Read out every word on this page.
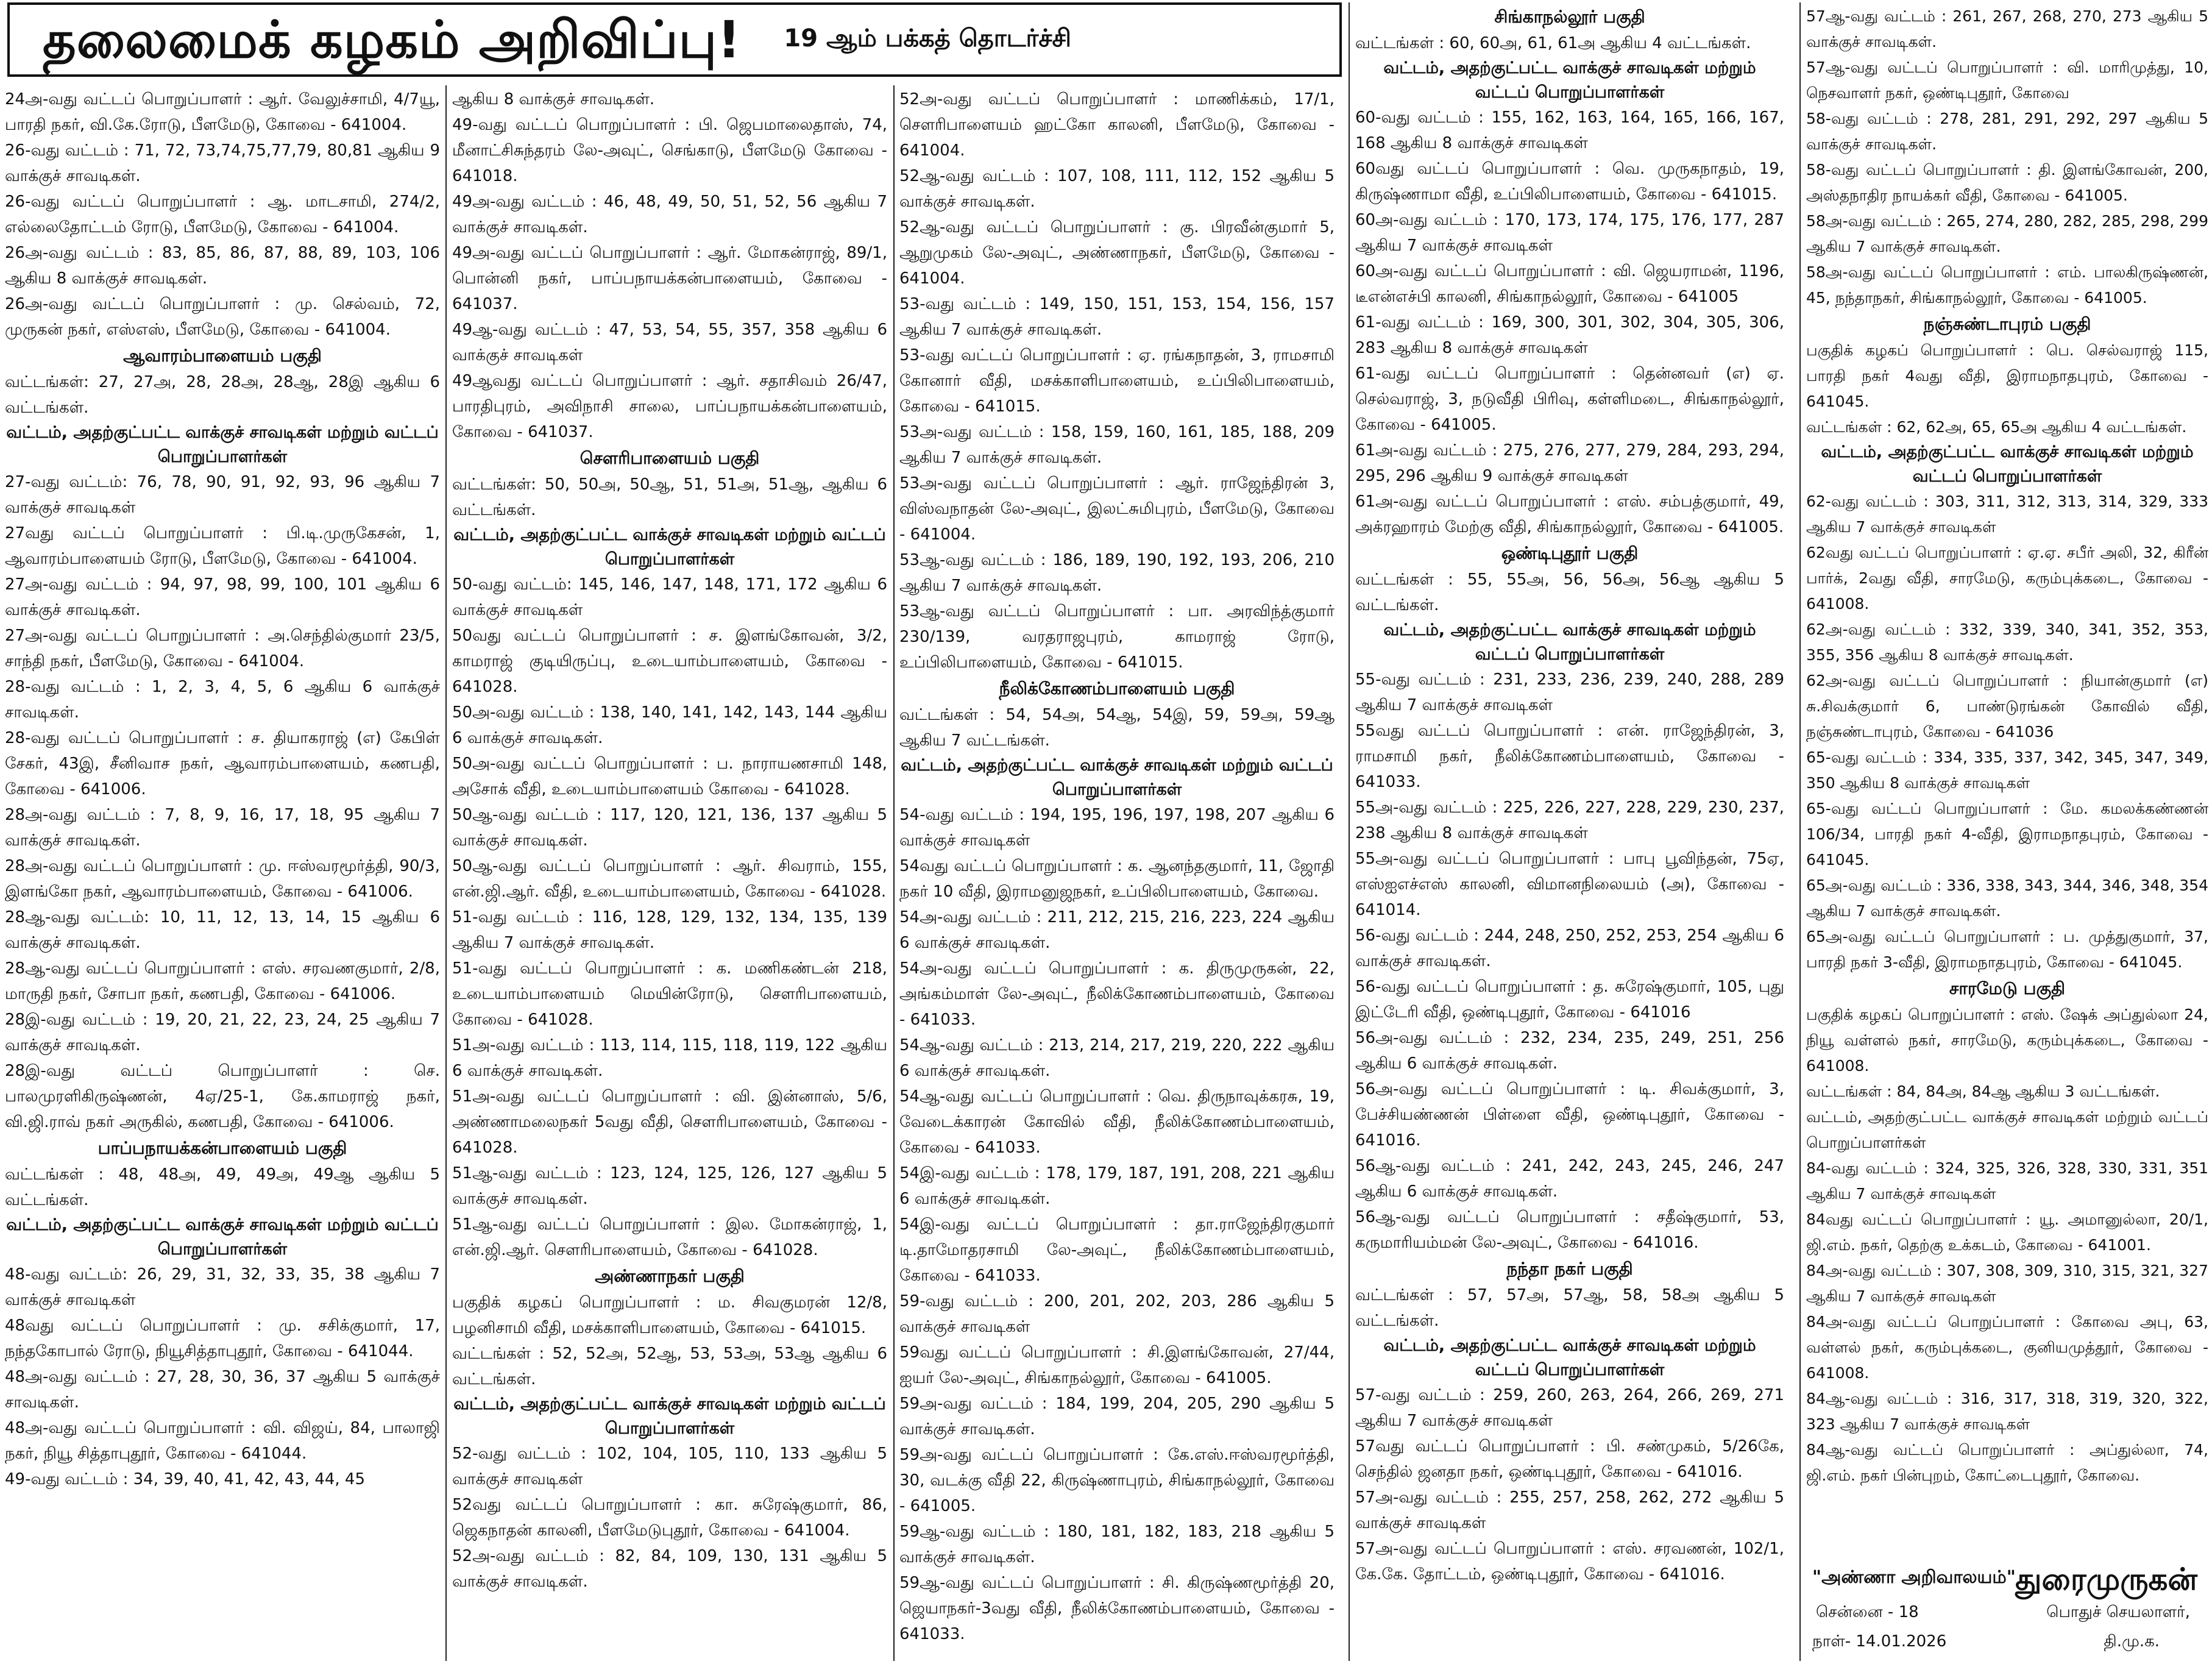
தலைமைக் கழகம் அறிவிப்பு! 19 ஆம் பக்கத் தொடர்ச்சி

24அ-வது வட்டப் பொறுப்பாளர் : ஆர். வேலுச்சாமி, 4/7யூ, பாரதி நகர், வி.கே.ரோடு, பீளமேடு, கோவை - 641004.

26-வது வட்டம் : 71, 72, 73,74,75,77,79, 80,81 ஆகிய 9 வாக்குச் சாவடிகள்.

26-வது வட்டப் பொறுப்பாளர் : ஆ. மாடசாமி, 274/2, எல்லைதோட்டம் ரோடு, பீளமேடு, கோவை - 641004.

26அ-வது வட்டம் : 83, 85, 86, 87, 88, 89, 103, 106 ஆகிய 8 வாக்குச் சாவடிகள்.

26அ-வது வட்டப் பொறுப்பாளர் : மு. செல்வம், 72, முருகன் நகர், எஸ்எஸ், பீளமேடு, கோவை - 641004.

ஆவாரம்பாளையம் பகுதி

வட்டங்கள்: 27, 27அ, 28, 28அ, 28ஆ, 28இ ஆகிய 6 வட்டங்கள்.

வட்டம், அதற்குட்பட்ட வாக்குச் சாவடிகள் மற்றும் வட்டப் பொறுப்பாளர்கள்

27-வது வட்டம்: 76, 78, 90, 91, 92, 93, 96 ஆகிய 7 வாக்குச் சாவடிகள்

27வது வட்டப் பொறுப்பாளர் : பி.டி.முருகேசன், 1, ஆவாரம்பாளையம் ரோடு, பீளமேடு, கோவை - 641004.

27அ-வது வட்டம் : 94, 97, 98, 99, 100, 101 ஆகிய 6 வாக்குச் சாவடிகள்.

27அ-வது வட்டப் பொறுப்பாளர் : அ.செந்தில்குமார் 23/5, சாந்தி நகர், பீளமேடு, கோவை - 641004.

28-வது வட்டம் : 1, 2, 3, 4, 5, 6 ஆகிய 6 வாக்குச் சாவடிகள்.

28-வது வட்டப் பொறுப்பாளர் : ச. தியாகராஜ் (எ) கேபிள் சேகர், 43இ, சீனிவாச நகர், ஆவாரம்பாளையம், கணபதி, கோவை - 641006.

28அ-வது வட்டம் : 7, 8, 9, 16, 17, 18, 95 ஆகிய 7 வாக்குச் சாவடிகள்.

28அ-வது வட்டப் பொறுப்பாளர் : மு. ஈஸ்வரமூர்த்தி, 90/3, இளங்கோ நகர், ஆவாரம்பாளையம், கோவை - 641006.

28ஆ-வது வட்டம்: 10, 11, 12, 13, 14, 15 ஆகிய 6 வாக்குச் சாவடிகள்.

28ஆ-வது வட்டப் பொறுப்பாளர் : எஸ். சரவணகுமார், 2/8, மாருதி நகர், சோபா நகர், கணபதி, கோவை - 641006.

28இ-வது வட்டம் : 19, 20, 21, 22, 23, 24, 25 ஆகிய 7 வாக்குச் சாவடிகள்.

28இ-வது வட்டப் பொறுப்பாளர் : செ. பாலமுரளிகிருஷ்ணன், 4ஏ/25-1, கே.காமராஜ் நகர், வி.ஜி.ராவ் நகர் அருகில், கணபதி, கோவை - 641006.

பாப்பநாயக்கன்பாளையம் பகுதி

வட்டங்கள் : 48, 48அ, 49, 49அ, 49ஆ ஆகிய 5 வட்டங்கள்.

வட்டம், அதற்குட்பட்ட வாக்குச் சாவடிகள் மற்றும் வட்டப் பொறுப்பாளர்கள்

48-வது வட்டம்: 26, 29, 31, 32, 33, 35, 38 ஆகிய 7 வாக்குச் சாவடிகள்

48வது வட்டப் பொறுப்பாளர் : மு. சசிக்குமார், 17, நந்தகோபால் ரோடு, நியூசித்தாபுதூர், கோவை - 641044.

48அ-வது வட்டம் : 27, 28, 30, 36, 37 ஆகிய 5 வாக்குச் சாவடிகள்.

48அ-வது வட்டப் பொறுப்பாளர் : வி. விஜய், 84, பாலாஜி நகர், நியூ சித்தாபுதூர், கோவை - 641044.

49-வது வட்டம் : 34, 39, 40, 41, 42, 43, 44, 45

ஆகிய 8 வாக்குச் சாவடிகள்.

49-வது வட்டப் பொறுப்பாளர் : பி. ஜெபமாலைதாஸ், 74, மீனாட்சிசுந்தரம் லே-அவுட், செங்காடு, பீளமேடு கோவை - 641018.

49அ-வது வட்டம் : 46, 48, 49, 50, 51, 52, 56 ஆகிய 7 வாக்குச் சாவடிகள்.

49அ-வது வட்டப் பொறுப்பாளர் : ஆர். மோகன்ராஜ், 89/1, பொன்னி நகர், பாப்பநாயக்கன்பாளையம், கோவை - 641037.

49ஆ-வது வட்டம் : 47, 53, 54, 55, 357, 358 ஆகிய 6 வாக்குச் சாவடிகள்

49ஆவது வட்டப் பொறுப்பாளர் : ஆர். சதாசிவம் 26/47, பாரதிபுரம், அவிநாசி சாலை, பாப்பநாயக்கன்பாளையம், கோவை - 641037.

சௌரிபாளையம் பகுதி

வட்டங்கள்: 50, 50அ, 50ஆ, 51, 51அ, 51ஆ, ஆகிய 6 வட்டங்கள்.

வட்டம், அதற்குட்பட்ட வாக்குச் சாவடிகள் மற்றும் வட்டப் பொறுப்பாளர்கள்

50-வது வட்டம்: 145, 146, 147, 148, 171, 172 ஆகிய 6 வாக்குச் சாவடிகள்

50வது வட்டப் பொறுப்பாளர் : ச. இளங்கோவன், 3/2, காமராஜ் குடியிருப்பு, உடையாம்பாளையம், கோவை - 641028.

50அ-வது வட்டம் : 138, 140, 141, 142, 143, 144 ஆகிய 6 வாக்குச் சாவடிகள்.

50அ-வது வட்டப் பொறுப்பாளர் : ப. நாராயணசாமி 148, அசோக் வீதி, உடையாம்பாளையம் கோவை - 641028.

50ஆ-வது வட்டம் : 117, 120, 121, 136, 137 ஆகிய 5 வாக்குச் சாவடிகள்.

50ஆ-வது வட்டப் பொறுப்பாளர் : ஆர். சிவராம், 155, என்.ஜி.ஆர். வீதி, உடையாம்பாளையம், கோவை - 641028.

51-வது வட்டம் : 116, 128, 129, 132, 134, 135, 139 ஆகிய 7 வாக்குச் சாவடிகள்.

51-வது வட்டப் பொறுப்பாளர் : க. மணிகண்டன் 218, உடையாம்பாளையம் மெயின்ரோடு, சௌரிபாளையம், கோவை - 641028.

51அ-வது வட்டம் : 113, 114, 115, 118, 119, 122 ஆகிய 6 வாக்குச் சாவடிகள்.

51அ-வது வட்டப் பொறுப்பாளர் : வி. இன்னாஸ், 5/6, அண்ணாமலைநகர் 5வது வீதி, சௌரிபாளையம், கோவை - 641028.

51ஆ-வது வட்டம் : 123, 124, 125, 126, 127 ஆகிய 5 வாக்குச் சாவடிகள்.

51ஆ-வது வட்டப் பொறுப்பாளர் : இல. மோகன்ராஜ், 1, என்.ஜி.ஆர். சௌரிபாளையம், கோவை - 641028.

அண்ணாநகர் பகுதி

பகுதிக் கழகப் பொறுப்பாளர் : ம. சிவகுமரன் 12/8, பழனிசாமி வீதி, மசக்காளிபாளையம், கோவை - 641015.

வட்டங்கள் : 52, 52அ, 52ஆ, 53, 53அ, 53ஆ ஆகிய 6 வட்டங்கள்.

வட்டம், அதற்குட்பட்ட வாக்குச் சாவடிகள் மற்றும் வட்டப் பொறுப்பாளர்கள்

52-வது வட்டம் : 102, 104, 105, 110, 133 ஆகிய 5 வாக்குச் சாவடிகள்

52வது வட்டப் பொறுப்பாளர் : கா. சுரேஷ்குமார், 86, ஜெகநாதன் காலனி, பீளமேடுபுதூர், கோவை - 641004.

52அ-வது வட்டம் : 82, 84, 109, 130, 131 ஆகிய 5 வாக்குச் சாவடிகள்.

52அ-வது வட்டப் பொறுப்பாளர் : மாணிக்கம், 17/1, சௌரிபாளையம் ஹட்கோ காலனி, பீளமேடு, கோவை - 641004.

52ஆ-வது வட்டம் : 107, 108, 111, 112, 152 ஆகிய 5 வாக்குச் சாவடிகள்.

52ஆ-வது வட்டப் பொறுப்பாளர் : கு. பிரவீன்குமார் 5, ஆறுமுகம் லே-அவுட், அண்ணாநகர், பீளமேடு, கோவை - 641004.

53-வது வட்டம் : 149, 150, 151, 153, 154, 156, 157 ஆகிய 7 வாக்குச் சாவடிகள்.

53-வது வட்டப் பொறுப்பாளர் : ஏ. ரங்கநாதன், 3, ராமசாமி கோனார் வீதி, மசக்காளிபாளையம், உப்பிலிபாளையம், கோவை - 641015.

53அ-வது வட்டம் : 158, 159, 160, 161, 185, 188, 209 ஆகிய 7 வாக்குச் சாவடிகள்.

53அ-வது வட்டப் பொறுப்பாளர் : ஆர். ராஜேந்திரன் 3, விஸ்வநாதன் லே-அவுட், இலட்சுமிபுரம், பீளமேடு, கோவை - 641004.

53ஆ-வது வட்டம் : 186, 189, 190, 192, 193, 206, 210 ஆகிய 7 வாக்குச் சாவடிகள்.

53ஆ-வது வட்டப் பொறுப்பாளர் : பா. அரவிந்த்குமார் 230/139, வரதராஜபுரம், காமராஜ் ரோடு, உப்பிலிபாளையம், கோவை - 641015.

நீலிக்கோணம்பாளையம் பகுதி

வட்டங்கள் : 54, 54அ, 54ஆ, 54இ, 59, 59அ, 59ஆ ஆகிய 7 வட்டங்கள்.

வட்டம், அதற்குட்பட்ட வாக்குச் சாவடிகள் மற்றும் வட்டப் பொறுப்பாளர்கள்

54-வது வட்டம் : 194, 195, 196, 197, 198, 207 ஆகிய 6 வாக்குச் சாவடிகள்

54வது வட்டப் பொறுப்பாளர் : க. ஆனந்தகுமார், 11, ஜோதி நகர் 10 வீதி, இராமனுஜநகர், உப்பிலிபாளையம், கோவை.

54அ-வது வட்டம் : 211, 212, 215, 216, 223, 224 ஆகிய 6 வாக்குச் சாவடிகள்.

54அ-வது வட்டப் பொறுப்பாளர் : க. திருமுருகன், 22, அங்கம்மாள் லே-அவுட், நீலிக்கோணம்பாளையம், கோவை - 641033.

54ஆ-வது வட்டம் : 213, 214, 217, 219, 220, 222 ஆகிய 6 வாக்குச் சாவடிகள்.

54ஆ-வது வட்டப் பொறுப்பாளர் : வெ. திருநாவுக்கரசு, 19, வேடைக்காரன் கோவில் வீதி, நீலிக்கோணம்பாளையம், கோவை - 641033.

54இ-வது வட்டம் : 178, 179, 187, 191, 208, 221 ஆகிய 6 வாக்குச் சாவடிகள்.

54இ-வது வட்டப் பொறுப்பாளர் : தா.ராஜேந்திரகுமார் டி.தாமோதரசாமி லே-அவுட், நீலிக்கோணம்பாளையம், கோவை - 641033.

59-வது வட்டம் : 200, 201, 202, 203, 286 ஆகிய 5 வாக்குச் சாவடிகள்

59வது வட்டப் பொறுப்பாளர் : சி.இளங்கோவன், 27/44, ஐயர் லே-அவுட், சிங்காநல்லூர், கோவை - 641005.

59அ-வது வட்டம் : 184, 199, 204, 205, 290 ஆகிய 5 வாக்குச் சாவடிகள்.

59அ-வது வட்டப் பொறுப்பாளர் : கே.எஸ்.ஈஸ்வரமூர்த்தி, 30, வடக்கு வீதி 22, கிருஷ்ணாபுரம், சிங்காநல்லூர், கோவை - 641005.

59ஆ-வது வட்டம் : 180, 181, 182, 183, 218 ஆகிய 5 வாக்குச் சாவடிகள்.

59ஆ-வது வட்டப் பொறுப்பாளர் : சி. கிருஷ்ணமூர்த்தி 20, ஜெயாநகர்-3வது வீதி, நீலிக்கோணம்பாளையம், கோவை - 641033.

சிங்காநல்லூர் பகுதி

வட்டங்கள் : 60, 60அ, 61, 61அ ஆகிய 4 வட்டங்கள்.

வட்டம், அதற்குட்பட்ட வாக்குச் சாவடிகள் மற்றும் வட்டப் பொறுப்பாளர்கள்

60-வது வட்டம் : 155, 162, 163, 164, 165, 166, 167, 168 ஆகிய 8 வாக்குச் சாவடிகள்

60வது வட்டப் பொறுப்பாளர் : வெ. முருகநாதம், 19, கிருஷ்ணாமா வீதி, உப்பிலிபாளையம், கோவை - 641015.

60அ-வது வட்டம் : 170, 173, 174, 175, 176, 177, 287 ஆகிய 7 வாக்குச் சாவடிகள்

60அ-வது வட்டப் பொறுப்பாளர் : வி. ஜெயராமன், 1196, டீஎன்எச்பி காலனி, சிங்காநல்லூர், கோவை - 641005

61-வது வட்டம் : 169, 300, 301, 302, 304, 305, 306, 283 ஆகிய 8 வாக்குச் சாவடிகள்

61-வது வட்டப் பொறுப்பாளர் : தென்னவர் (எ) ஏ. செல்வராஜ், 3, நடுவீதி பிரிவு, கள்ளிமடை, சிங்காநல்லூர், கோவை - 641005.

61அ-வது வட்டம் : 275, 276, 277, 279, 284, 293, 294, 295, 296 ஆகிய 9 வாக்குச் சாவடிகள்

61அ-வது வட்டப் பொறுப்பாளர் : எஸ். சம்பத்குமார், 49, அக்ரஹாரம் மேற்கு வீதி, சிங்காநல்லூர், கோவை - 641005.

ஒண்டிபுதூர் பகுதி

வட்டங்கள் : 55, 55அ, 56, 56அ, 56ஆ ஆகிய 5 வட்டங்கள்.

வட்டம், அதற்குட்பட்ட வாக்குச் சாவடிகள் மற்றும் வட்டப் பொறுப்பாளர்கள்

55-வது வட்டம் : 231, 233, 236, 239, 240, 288, 289 ஆகிய 7 வாக்குச் சாவடிகள்

55வது வட்டப் பொறுப்பாளர் : என். ராஜேந்திரன், 3, ராமசாமி நகர், நீலிக்கோணம்பாளையம், கோவை - 641033.

55அ-வது வட்டம் : 225, 226, 227, 228, 229, 230, 237, 238 ஆகிய 8 வாக்குச் சாவடிகள்

55அ-வது வட்டப் பொறுப்பாளர் : பாபு பூவிந்தன், 75ஏ, எஸ்ஐஎச்எஸ் காலனி, விமானநிலையம் (அ), கோவை - 641014.

56-வது வட்டம் : 244, 248, 250, 252, 253, 254 ஆகிய 6 வாக்குச் சாவடிகள்.

56-வது வட்டப் பொறுப்பாளர் : த. சுரேஷ்குமார், 105, புது இட்டேரி வீதி, ஒண்டிபுதூர், கோவை - 641016

56அ-வது வட்டம் : 232, 234, 235, 249, 251, 256 ஆகிய 6 வாக்குச் சாவடிகள்.

56அ-வது வட்டப் பொறுப்பாளர் : டி. சிவக்குமார், 3, பேச்சியண்ணன் பிள்ளை வீதி, ஒண்டிபுதூர், கோவை - 641016.

56ஆ-வது வட்டம் : 241, 242, 243, 245, 246, 247 ஆகிய 6 வாக்குச் சாவடிகள்.

56ஆ-வது வட்டப் பொறுப்பாளர் : சதீஷ்குமார், 53, கருமாரியம்மன் லே-அவுட், கோவை - 641016.

நந்தா நகர் பகுதி

வட்டங்கள் : 57, 57அ, 57ஆ, 58, 58அ ஆகிய 5 வட்டங்கள்.

வட்டம், அதற்குட்பட்ட வாக்குச் சாவடிகள் மற்றும் வட்டப் பொறுப்பாளர்கள்

57-வது வட்டம் : 259, 260, 263, 264, 266, 269, 271 ஆகிய 7 வாக்குச் சாவடிகள்

57வது வட்டப் பொறுப்பாளர் : பி. சண்முகம், 5/26கே, செந்தில் ஜனதா நகர், ஒண்டிபுதூர், கோவை - 641016.

57அ-வது வட்டம் : 255, 257, 258, 262, 272 ஆகிய 5 வாக்குச் சாவடிகள்

57அ-வது வட்டப் பொறுப்பாளர் : எஸ். சரவணன், 102/1, கே.கே. தோட்டம், ஒண்டிபுதூர், கோவை - 641016.

57ஆ-வது வட்டம் : 261, 267, 268, 270, 273 ஆகிய 5 வாக்குச் சாவடிகள்.

57ஆ-வது வட்டப் பொறுப்பாளர் : வி. மாரிமுத்து, 10, நெசவாளர் நகர், ஒண்டிபுதூர், கோவை

58-வது வட்டம் : 278, 281, 291, 292, 297 ஆகிய 5 வாக்குச் சாவடிகள்.

58-வது வட்டப் பொறுப்பாளர் : தி. இளங்கோவன், 200, அஸ்தநாதிர நாயக்கர் வீதி, கோவை - 641005.

58அ-வது வட்டம் : 265, 274, 280, 282, 285, 298, 299 ஆகிய 7 வாக்குச் சாவடிகள்.

58அ-வது வட்டப் பொறுப்பாளர் : எம். பாலகிருஷ்ணன், 45, நந்தாநகர், சிங்காநல்லூர், கோவை - 641005.

நஞ்சுண்டாபுரம் பகுதி

பகுதிக் கழகப் பொறுப்பாளர் : பெ. செல்வராஜ் 115, பாரதி நகர் 4வது வீதி, இராமநாதபுரம், கோவை - 641045.

வட்டங்கள் : 62, 62அ, 65, 65அ ஆகிய 4 வட்டங்கள்.

வட்டம், அதற்குட்பட்ட வாக்குச் சாவடிகள் மற்றும் வட்டப் பொறுப்பாளர்கள்

62-வது வட்டம் : 303, 311, 312, 313, 314, 329, 333 ஆகிய 7 வாக்குச் சாவடிகள்

62வது வட்டப் பொறுப்பாளர் : ஏ.ஏ. சபீர் அலி, 32, கிரீன் பார்க், 2வது வீதி, சாரமேடு, கரும்புக்கடை, கோவை - 641008.

62அ-வது வட்டம் : 332, 339, 340, 341, 352, 353, 355, 356 ஆகிய 8 வாக்குச் சாவடிகள்.

62அ-வது வட்டப் பொறுப்பாளர் : நியான்குமார் (எ) சு.சிவக்குமார் 6, பாண்டுரங்கன் கோவில் வீதி, நஞ்சுண்டாபுரம், கோவை - 641036

65-வது வட்டம் : 334, 335, 337, 342, 345, 347, 349, 350 ஆகிய 8 வாக்குச் சாவடிகள்

65-வது வட்டப் பொறுப்பாளர் : மே. கமலக்கண்ணன் 106/34, பாரதி நகர் 4-வீதி, இராமநாதபுரம், கோவை - 641045.

65அ-வது வட்டம் : 336, 338, 343, 344, 346, 348, 354 ஆகிய 7 வாக்குச் சாவடிகள்.

65அ-வது வட்டப் பொறுப்பாளர் : ப. முத்துகுமார், 37, பாரதி நகர் 3-வீதி, இராமநாதபுரம், கோவை - 641045.

சாரமேடு பகுதி

பகுதிக் கழகப் பொறுப்பாளர் : எஸ். ஷேக் அப்துல்லா 24, நியூ வள்ளல் நகர், சாரமேடு, கரும்புக்கடை, கோவை - 641008.

வட்டங்கள் : 84, 84அ, 84ஆ ஆகிய 3 வட்டங்கள்.

வட்டம், அதற்குட்பட்ட வாக்குச் சாவடிகள் மற்றும் வட்டப் பொறுப்பாளர்கள்

84-வது வட்டம் : 324, 325, 326, 328, 330, 331, 351 ஆகிய 7 வாக்குச் சாவடிகள்

84வது வட்டப் பொறுப்பாளர் : யூ. அமானுல்லா, 20/1, ஜி.எம். நகர், தெற்கு உக்கடம், கோவை - 641001.

84அ-வது வட்டம் : 307, 308, 309, 310, 315, 321, 327 ஆகிய 7 வாக்குச் சாவடிகள்

84அ-வது வட்டப் பொறுப்பாளர் : கோவை அபு, 63, வள்ளல் நகர், கரும்புக்கடை, குனியமுத்தூர், கோவை - 641008.

84ஆ-வது வட்டம் : 316, 317, 318, 319, 320, 322, 323 ஆகிய 7 வாக்குச் சாவடிகள்

84ஆ-வது வட்டப் பொறுப்பாளர் : அப்துல்லா, 74, ஜி.எம். நகர் பின்புறம், கோட்டைபுதூர், கோவை.

"அண்ணா அறிவாலயம்"
சென்னை - 18
நாள்- 14.01.2026
துரைமுருகன்
பொதுச் செயலாளர்,
தி.மு.க.
